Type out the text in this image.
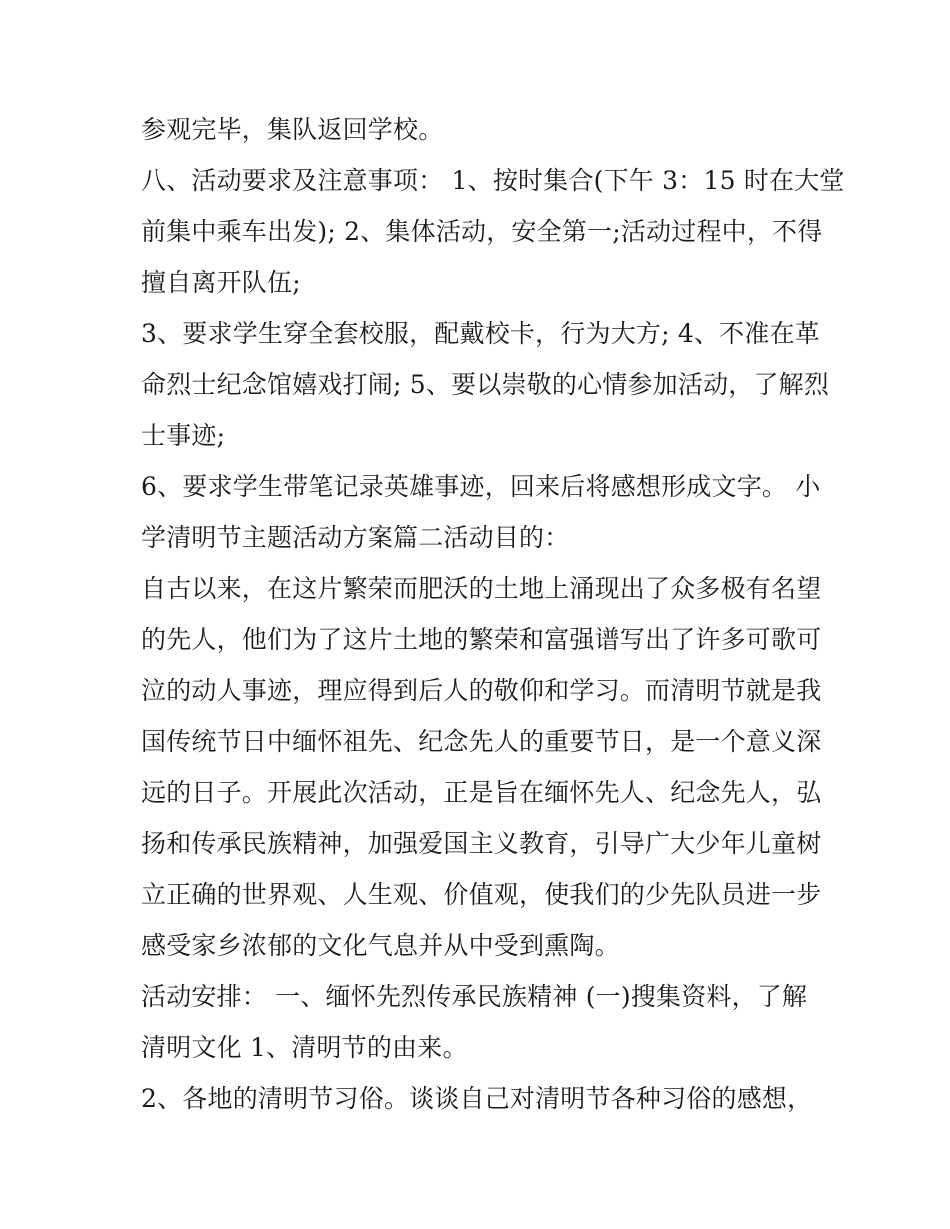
参观完毕，集队返回学校。
八、活动要求及注意事项： 1、按时集合(下午 3：15 时在大堂
前集中乘车出发); 2、集体活动，安全第一;活动过程中，不得
擅自离开队伍;
3、要求学生穿全套校服，配戴校卡，行为大方; 4、不准在革
命烈士纪念馆嬉戏打闹; 5、要以崇敬的心情参加活动，了解烈
士事迹;
6、要求学生带笔记录英雄事迹，回来后将感想形成文字。 小
学清明节主题活动方案篇二活动目的：
自古以来，在这片繁荣而肥沃的土地上涌现出了众多极有名望
的先人，他们为了这片土地的繁荣和富强谱写出了许多可歌可
泣的动人事迹，理应得到后人的敬仰和学习。而清明节就是我
国传统节日中缅怀祖先、纪念先人的重要节日，是一个意义深
远的日子。开展此次活动，正是旨在缅怀先人、纪念先人，弘
扬和传承民族精神，加强爱国主义教育，引导广大少年儿童树
立正确的世界观、人生观、价值观，使我们的少先队员进一步
感受家乡浓郁的文化气息并从中受到熏陶。
活动安排： 一、缅怀先烈传承民族精神 (一)搜集资料，了解
清明文化 1、清明节的由来。
2、各地的清明节习俗。谈谈自己对清明节各种习俗的感想，
